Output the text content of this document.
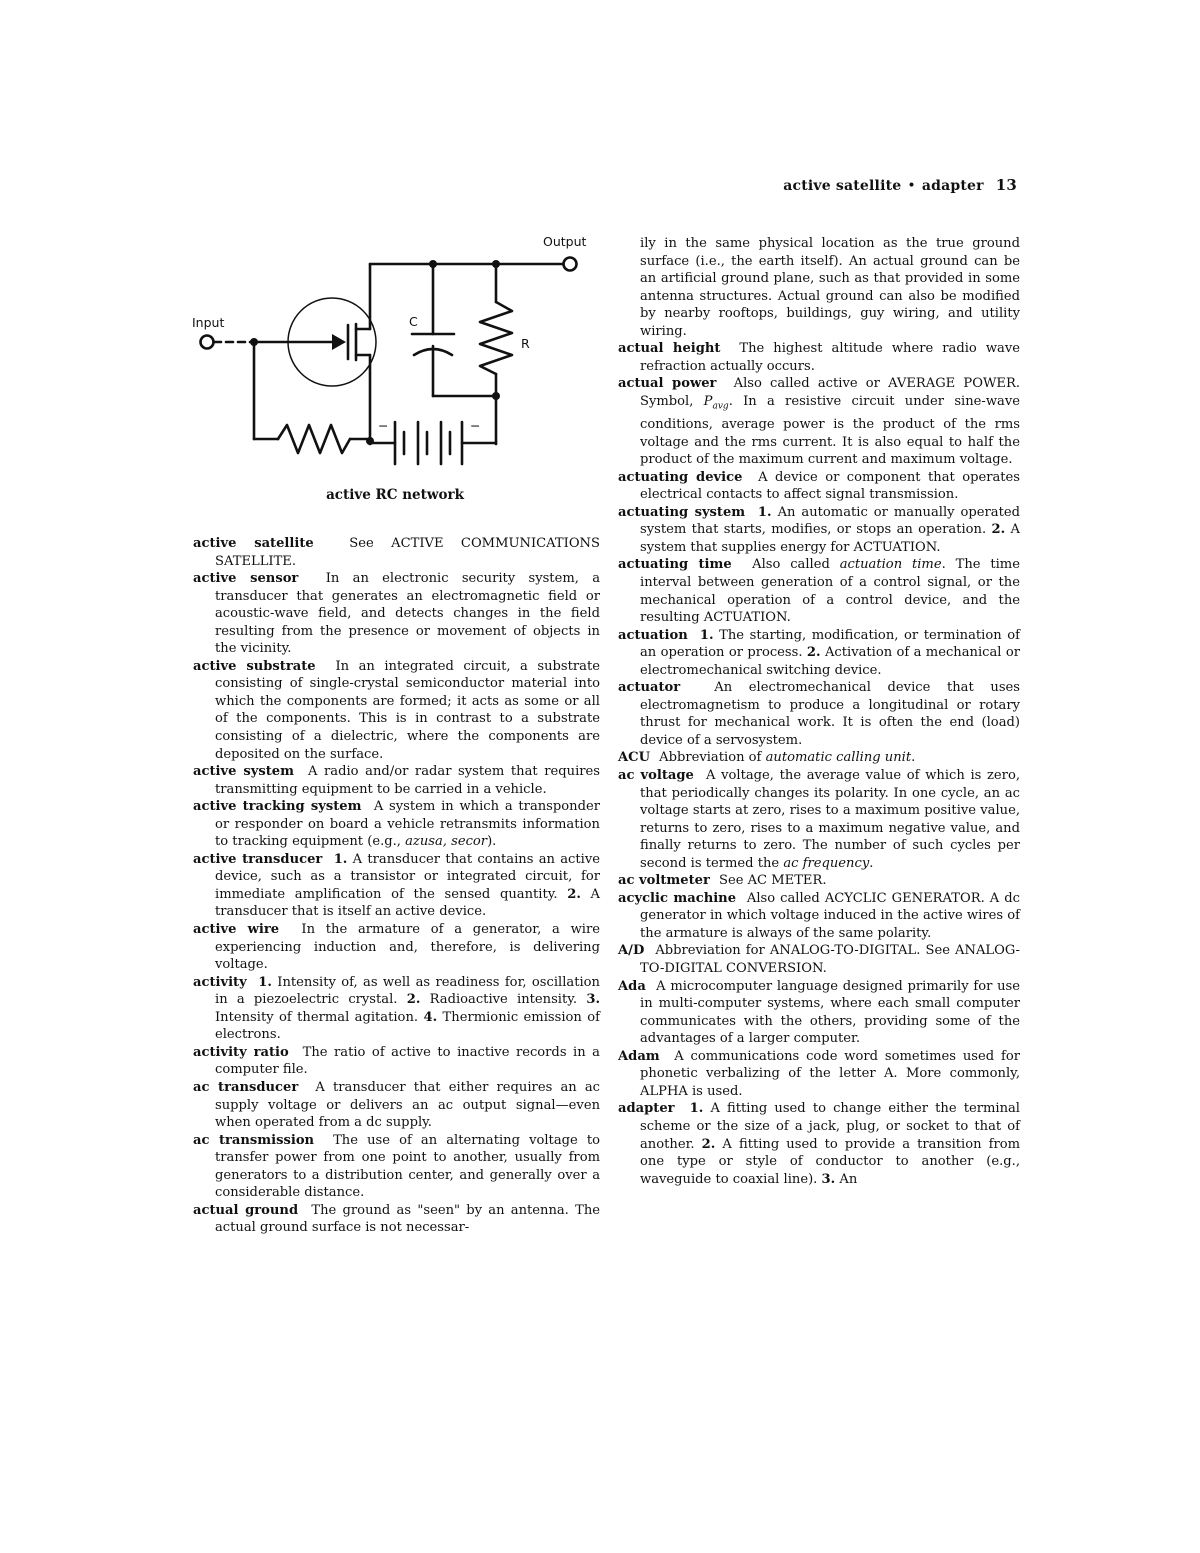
active satellite • adapter 13
Output
Input	C
R
−	−
active RC network

active satellite	See ACTIVE COMMUNICATIONS SATELLITE.

active sensor In an electronic security system, a transducer that generates an electromagnetic field or acoustic-wave field, and detects changes in the field resulting from the presence or movement of objects in the vicinity.

active substrate In an integrated circuit, a substrate consisting of single-crystal semiconductor material into which the components are formed; it acts as some or all of the components. This is in contrast to a substrate consisting of a dielectric, where the components are deposited on the surface.

active system A radio and/or radar system that requires transmitting equipment to be carried in a vehicle.

active tracking system A system in which a transponder or responder on board a vehicle retransmits information to tracking equipment (e.g., azusa, secor).

active transducer 1. A transducer that contains an active device, such as a transistor or integrated circuit, for immediate amplification of the sensed quantity. 2. A transducer that is itself an active device.

active wire In the armature of a generator, a wire experiencing induction and, therefore, is delivering voltage.

activity 1. Intensity of, as well as readiness for, oscillation in a piezoelectric crystal. 2. Radioactive intensity. 3. Intensity of thermal agitation. 4. Thermionic emission of electrons.

activity ratio The ratio of active to inactive records in a computer file.

ac transducer A transducer that either requires an ac supply voltage or delivers an ac output signal—even when operated from a dc supply.

ac transmission The use of an alternating voltage to transfer power from one point to another, usually from generators to a distribution center, and generally over a considerable distance.

actual ground The ground as "seen" by an antenna. The actual ground surface is not necessar-

ily in the same physical location as the true ground surface (i.e., the earth itself). An actual ground can be an artificial ground plane, such as that provided in some antenna structures. Actual ground can also be modified by nearby rooftops, buildings, guy wiring, and utility wiring.

actual height The highest altitude where radio wave refraction actually occurs.

actual power Also called active or AVERAGE POWER. Symbol, $P_{avg}$. In a resistive circuit under sine-wave conditions, average power is the product of the rms voltage and the rms current. It is also equal to half the product of the maximum current and maximum voltage.

actuating device A device or component that operates electrical contacts to affect signal transmission.

actuating system 1. An automatic or manually operated system that starts, modifies, or stops an operation. 2. A system that supplies energy for ACTUATION.

actuating time Also called actuation time. The time interval between generation of a control signal, or the mechanical operation of a control device, and the resulting ACTUATION.

actuation 1. The starting, modification, or termination of an operation or process. 2. Activation of a mechanical or electromechanical switching device.

actuator	An electromechanical device that uses electromagnetism to produce a longitudinal or rotary thrust for mechanical work. It is often the end (load) device of a servosystem.

ACU Abbreviation of automatic calling unit.

ac voltage A voltage, the average value of which is zero, that periodically changes its polarity. In one cycle, an ac voltage starts at zero, rises to a maximum positive value, returns to zero, rises to a maximum negative value, and finally returns to zero. The number of such cycles per second is termed the ac frequency.

ac voltmeter See AC METER.

acyclic machine Also called ACYCLIC GENERATOR. A dc generator in which voltage induced in the active wires of the armature is always of the same polarity.

A/D Abbreviation for ANALOG-TO-DIGITAL. See ANALOG-TO-DIGITAL CONVERSION.

Ada A microcomputer language designed primarily for use in multi-computer systems, where each small computer communicates with the others, providing some of the advantages of a larger computer.

Adam A communications code word sometimes used for phonetic verbalizing of the letter A. More commonly, ALPHA is used.

adapter 1. A fitting used to change either the terminal scheme or the size of a jack, plug, or socket to that of another. 2. A fitting used to provide a transition from one type or style of conductor to another (e.g., waveguide to coaxial line). 3. An
